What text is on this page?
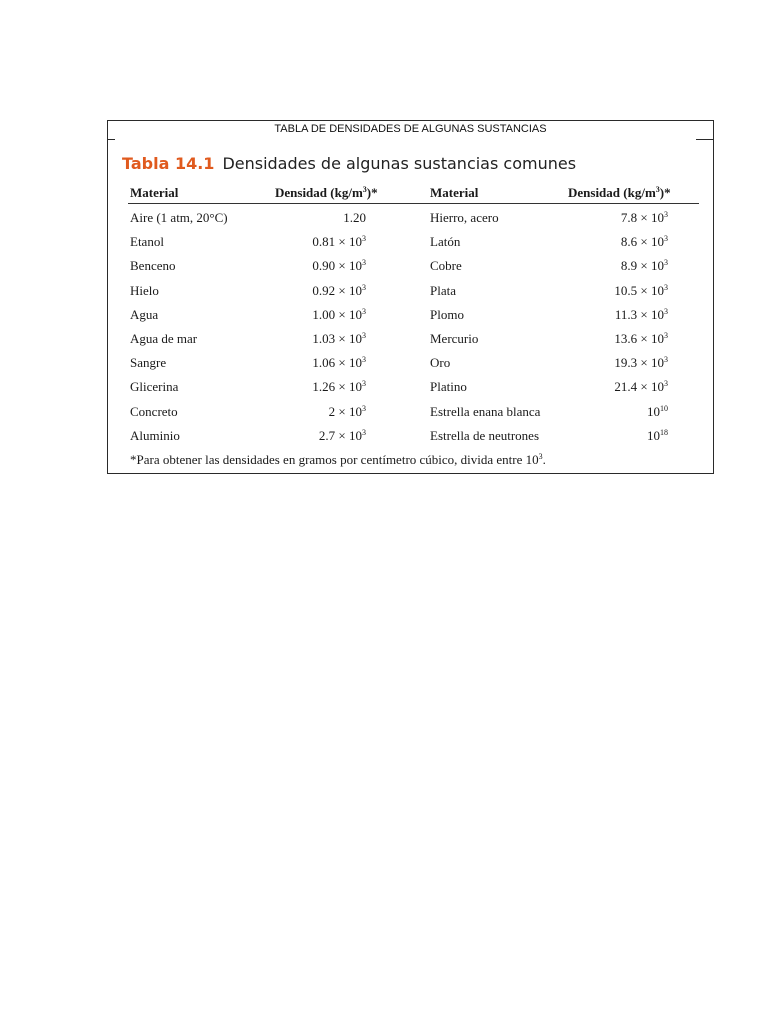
TABLA DE DENSIDADES DE ALGUNAS SUSTANCIAS
Tabla 14.1 Densidades de algunas sustancias comunes
Material	Densidad $(kg/m^3)*$	Material	Densidad $(kg/m^3)*$
Aire (1 atm, 20°C)	1.20	Hierro, acero	$7.8 \times 10^3$
Etanol	$0.81 \times 10^3$	Latón	$8.6 \times 10^3$
Benceno	$0.90 \times 10^3$	Cobre	$8.9 \times 10^3$
Hielo	$0.92 \times 10^3$	Plata	$10.5 \times 10^3$
Agua	$1.00 \times 10^3$	Plomo	$11.3 \times 10^3$
Agua de mar	$1.03 \times 10^3$	Mercurio	$13.6 \times 10^3$
Sangre	$1.06 \times 10^3$	Oro	$19.3 \times 10^3$
Glicerina	$1.26 \times 10^3$	Platino	$21.4 \times 10^3$
Concreto	$2 \times 10^3$	Estrella enana blanca	$10^{10}$
Aluminio	$2.7 \times 10^3$	Estrella de neutrones	$10^{18}$
*Para obtener las densidades en gramos por centímetro cúbico, divida entre $10^3$.
